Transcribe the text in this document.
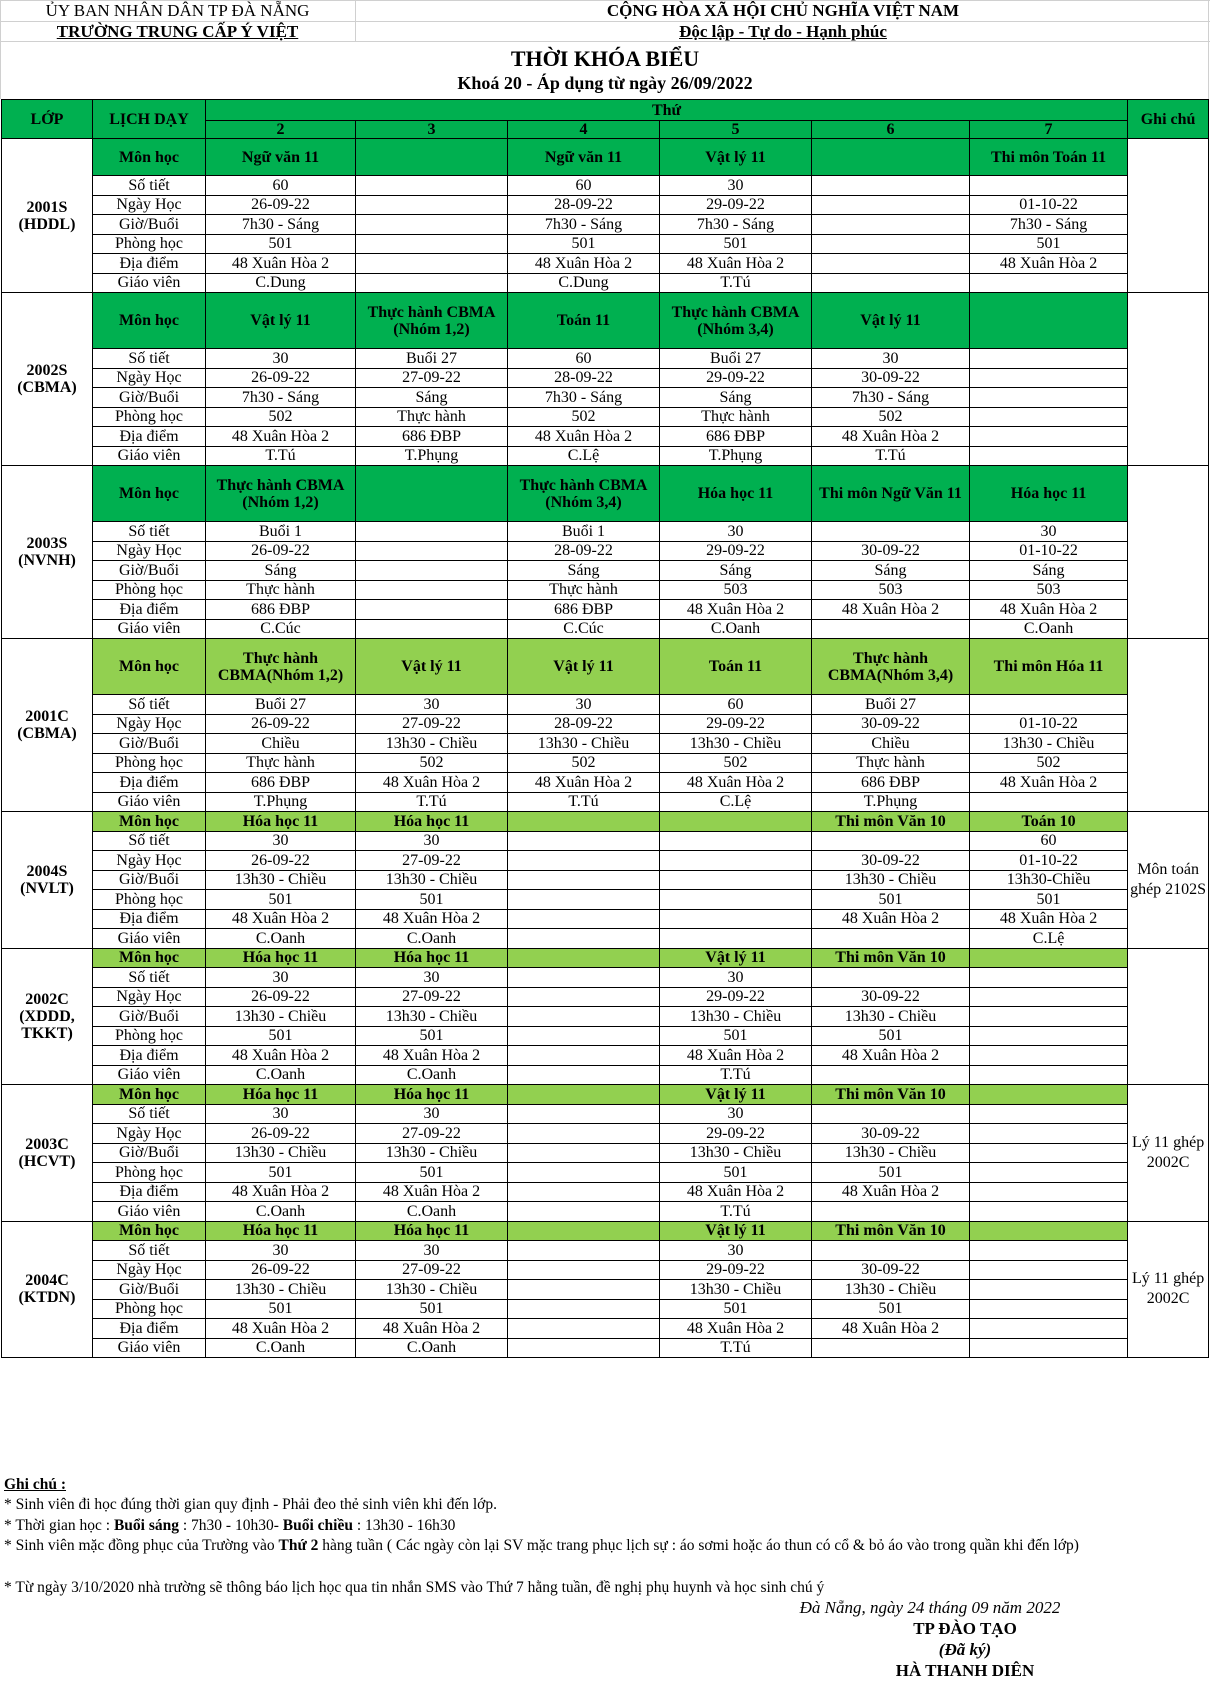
ỦY BAN NHÂN DÂN TP ĐÀ NẴNG
TRƯỜNG TRUNG CẤP Ý VIỆT
CỘNG HÒA XÃ HỘI CHỦ NGHĨA VIỆT NAM
Độc lập - Tự do - Hạnh phúc
THỜI KHÓA BIỂU
Khoá 20 - Áp dụng từ ngày 26/09/2022
LỚP	LỊCH DẠY	Thứ						Ghi chú
		2	3	4	5	6	7	
2001S
(HDDL)	Môn học	Ngữ văn 11		Ngữ văn 11	Vật lý 11		Thi môn Toán 11	
	Số tiết	60		60	30			
	Ngày Học	26-09-22		28-09-22	29-09-22		01-10-22	
	Giờ/Buổi	7h30 - Sáng		7h30 - Sáng	7h30 - Sáng		7h30 - Sáng	
	Phòng học	501		501	501		501	
	Địa điểm	48 Xuân Hòa 2		48 Xuân Hòa 2	48 Xuân Hòa 2		48 Xuân Hòa 2	
	Giáo viên	C.Dung		C.Dung	T.Tú			
2002S
(CBMA)	Môn học	Vật lý 11	Thực hành CBMA (Nhóm 1,2)	Toán 11	Thực hành CBMA (Nhóm 3,4)	Vật lý 11		
	Số tiết	30	Buổi 27	60	Buổi 27	30		
	Ngày Học	26-09-22	27-09-22	28-09-22	29-09-22	30-09-22		
	Giờ/Buổi	7h30 - Sáng	Sáng	7h30 - Sáng	Sáng	7h30 - Sáng		
	Phòng học	502	Thực hành	502	Thực hành	502		
	Địa điểm	48 Xuân Hòa 2	686 ĐBP	48 Xuân Hòa 2	686 ĐBP	48 Xuân Hòa 2		
	Giáo viên	T.Tú	T.Phụng	C.Lệ	T.Phụng	T.Tú		
2003S
(NVNH)	Môn học	Thực hành CBMA (Nhóm 1,2)		Thực hành CBMA (Nhóm 3,4)	Hóa học 11	Thi môn Ngữ Văn 11	Hóa học 11	
	Số tiết	Buổi 1		Buổi 1	30		30	
	Ngày Học	26-09-22		28-09-22	29-09-22	30-09-22	01-10-22	
	Giờ/Buổi	Sáng		Sáng	Sáng	Sáng	Sáng	
	Phòng học	Thực hành		Thực hành	503	503	503	
	Địa điểm	686 ĐBP		686 ĐBP	48 Xuân Hòa 2	48 Xuân Hòa 2	48 Xuân Hòa 2	
	Giáo viên	C.Cúc		C.Cúc	C.Oanh		C.Oanh	
2001C
(CBMA)	Môn học	Thực hành CBMA(Nhóm 1,2)	Vật lý 11	Vật lý 11	Toán 11	Thực hành CBMA(Nhóm 3,4)	Thi môn Hóa 11	
	Số tiết	Buổi 27	30	30	60	Buổi 27		
	Ngày Học	26-09-22	27-09-22	28-09-22	29-09-22	30-09-22	01-10-22	
	Giờ/Buổi	Chiều	13h30 - Chiều	13h30 - Chiều	13h30 - Chiều	Chiều	13h30 - Chiều	
	Phòng học	Thực hành	502	502	502	Thực hành	502	
	Địa điểm	686 ĐBP	48 Xuân Hòa 2	48 Xuân Hòa 2	48 Xuân Hòa 2	686 ĐBP	48 Xuân Hòa 2	
	Giáo viên	T.Phụng	T.Tú	T.Tú	C.Lệ	T.Phụng		
2004S
(NVLT)	Môn học	Hóa học 11	Hóa học 11			Thi môn Văn 10	Toán 10	Môn toán ghép 2102S
	Số tiết	30	30				60	
	Ngày Học	26-09-22	27-09-22			30-09-22	01-10-22	
	Giờ/Buổi	13h30 - Chiều	13h30 - Chiều			13h30 - Chiều	13h30-Chiều	
	Phòng học	501	501			501	501	
	Địa điểm	48 Xuân Hòa 2	48 Xuân Hòa 2			48 Xuân Hòa 2	48 Xuân Hòa 2	
	Giáo viên	C.Oanh	C.Oanh				C.Lệ	
2002C
(XDDD,
TKKT)	Môn học	Hóa học 11	Hóa học 11		Vật lý 11	Thi môn Văn 10		
	Số tiết	30	30		30			
	Ngày Học	26-09-22	27-09-22		29-09-22	30-09-22		
	Giờ/Buổi	13h30 - Chiều	13h30 - Chiều		13h30 - Chiều	13h30 - Chiều		
	Phòng học	501	501		501	501		
	Địa điểm	48 Xuân Hòa 2	48 Xuân Hòa 2		48 Xuân Hòa 2	48 Xuân Hòa 2		
	Giáo viên	C.Oanh	C.Oanh		T.Tú			
2003C
(HCVT)	Môn học	Hóa học 11	Hóa học 11		Vật lý 11	Thi môn Văn 10		Lý 11 ghép 2002C
	Số tiết	30	30		30			
	Ngày Học	26-09-22	27-09-22		29-09-22	30-09-22		
	Giờ/Buổi	13h30 - Chiều	13h30 - Chiều		13h30 - Chiều	13h30 - Chiều		
	Phòng học	501	501		501	501		
	Địa điểm	48 Xuân Hòa 2	48 Xuân Hòa 2		48 Xuân Hòa 2	48 Xuân Hòa 2		
	Giáo viên	C.Oanh	C.Oanh		T.Tú			
2004C
(KTDN)	Môn học	Hóa học 11	Hóa học 11		Vật lý 11	Thi môn Văn 10		Lý 11 ghép 2002C
	Số tiết	30	30		30			
	Ngày Học	26-09-22	27-09-22		29-09-22	30-09-22		
	Giờ/Buổi	13h30 - Chiều	13h30 - Chiều		13h30 - Chiều	13h30 - Chiều		
	Phòng học	501	501		501	501		
	Địa điểm	48 Xuân Hòa 2	48 Xuân Hòa 2		48 Xuân Hòa 2	48 Xuân Hòa 2		
	Giáo viên	C.Oanh	C.Oanh		T.Tú			
Ghi chú :
* Sinh viên đi học đúng thời gian quy định - Phải đeo thẻ sinh viên khi đến lớp.
* Thời gian học : Buổi sáng : 7h30 - 10h30- Buổi chiều : 13h30 - 16h30
* Sinh viên mặc đồng phục của Trường vào Thứ 2 hàng tuần ( Các ngày còn lại SV mặc trang phục lịch sự : áo sơmi hoặc áo thun có cổ & bỏ áo vào trong quần khi đến lớp)
* Từ ngày 3/10/2020 nhà trường sẽ thông báo lịch học qua tin nhắn SMS vào Thứ 7 hằng tuần, đề nghị phụ huynh và học sinh chú ý
Đà Nẵng, ngày 24 tháng 09 năm 2022
TP ĐÀO TẠO
(Đã ký)
HÀ THANH DIÊN
